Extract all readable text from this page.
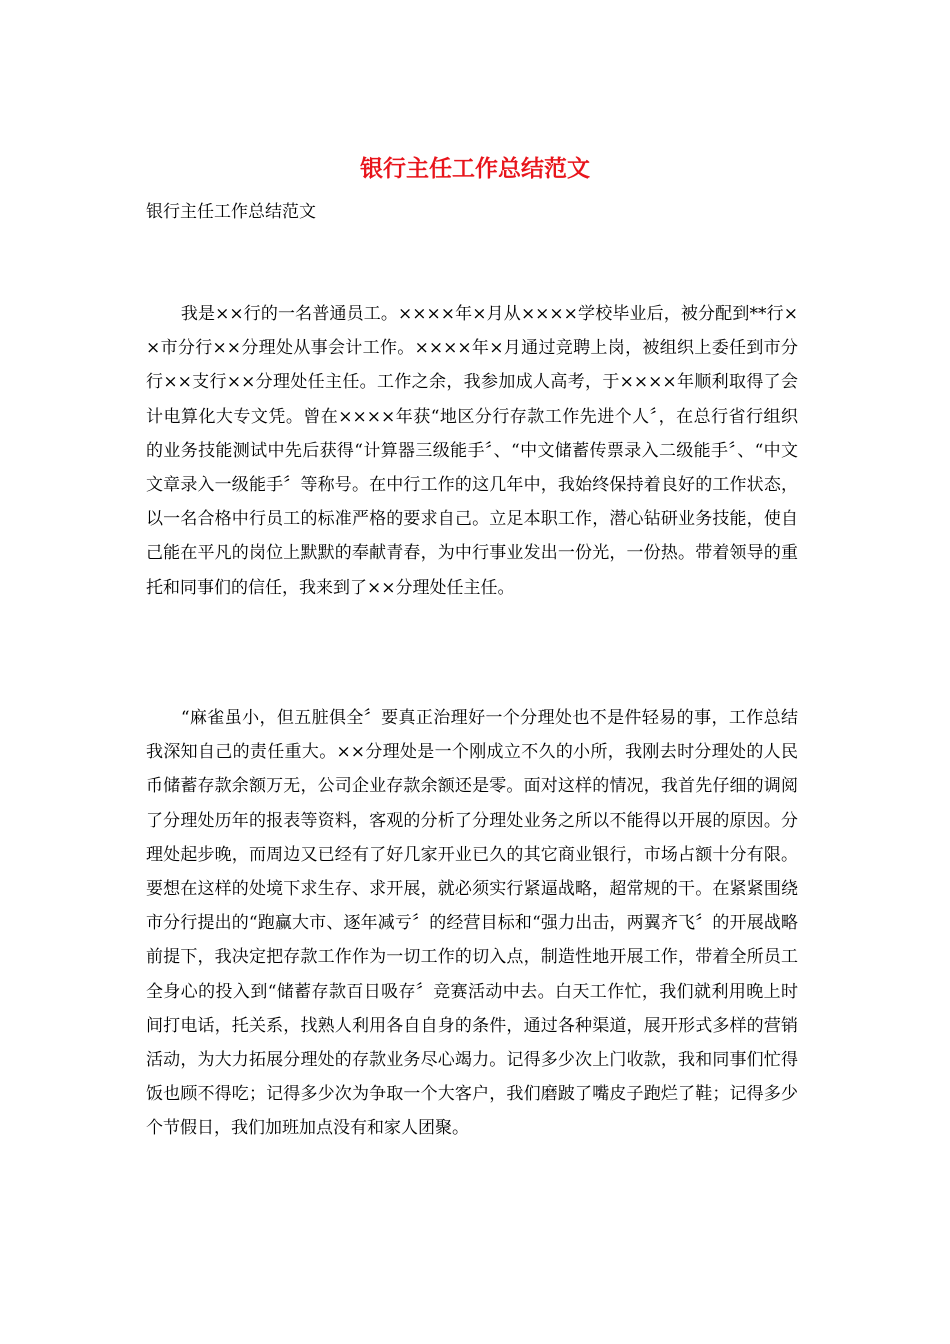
银行主任工作总结范文

银行主任工作总结范文

我是××行的一名普通员工。××××年×月从××××学校毕业后，被分配到**行××市分行××分理处从事会计工作。××××年×月通过竞聘上岗，被组织上委任到市分行××支行××分理处任主任。工作之余，我参加成人高考，于××××年顺利取得了会计电算化大专文凭。曾在××××年获“地区分行存款工作先进个人〞，在总行省行组织的业务技能测试中先后获得“计算器三级能手〞、“中文储蓄传票录入二级能手〞、“中文文章录入一级能手〞等称号。在中行工作的这几年中，我始终保持着良好的工作状态，以一名合格中行员工的标准严格的要求自己。立足本职工作，潜心钻研业务技能，使自己能在平凡的岗位上默默的奉献青春，为中行事业发出一份光，一份热。带着领导的重托和同事们的信任，我来到了××分理处任主任。

“麻雀虽小，但五脏俱全〞要真正治理好一个分理处也不是件轻易的事，工作总结我深知自己的责任重大。××分理处是一个刚成立不久的小所，我刚去时分理处的人民币储蓄存款余额万无，公司企业存款余额还是零。面对这样的情况，我首先仔细的调阅了分理处历年的报表等资料，客观的分析了分理处业务之所以不能得以开展的原因。分理处起步晚，而周边又已经有了好几家开业已久的其它商业银行，市场占额十分有限。要想在这样的处境下求生存、求开展，就必须实行紧逼战略，超常规的干。在紧紧围绕市分行提出的“跑赢大市、逐年减亏〞的经营目标和“强力出击，两翼齐飞〞的开展战略前提下，我决定把存款工作作为一切工作的切入点，制造性地开展工作，带着全所员工全身心的投入到“储蓄存款百日吸存〞竞赛活动中去。白天工作忙，我们就利用晚上时间打电话，托关系，找熟人利用各自自身的条件，通过各种渠道，展开形式多样的营销活动，为大力拓展分理处的存款业务尽心竭力。记得多少次上门收款，我和同事们忙得饭也顾不得吃；记得多少次为争取一个大客户，我们磨跛了嘴皮子跑烂了鞋；记得多少个节假日，我们加班加点没有和家人团聚。
